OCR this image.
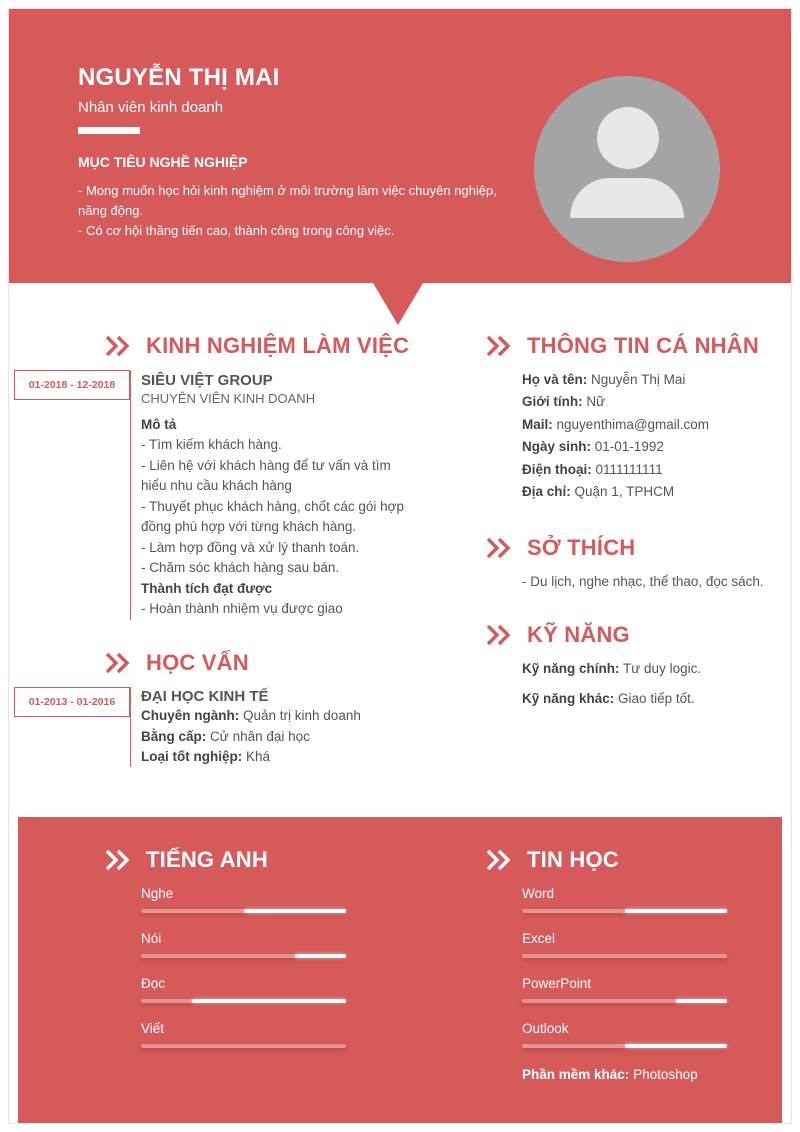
NGUYỄN THỊ MAI
Nhân viên kinh doanh
MỤC TIÊU NGHỀ NGHIỆP
- Mong muốn học hỏi kinh nghiệm ở môi trường làm việc chuyên nghiệp,
năng động.
- Có cơ hội thăng tiến cao, thành công trong công việc.
KINH NGHIỆM LÀM VIỆC
01-2018 - 12-2018	SIÊU VIỆT GROUP
CHUYÊN VIÊN KINH DOANH
Mô tả
- Tìm kiếm khách hàng.
- Liên hệ với khách hàng để tư vấn và tìm
hiểu nhu cầu khách hàng
- Thuyết phục khách hàng, chốt các gói hợp
đồng phù hợp với từng khách hàng.
- Làm hợp đồng và xử lý thanh toán.
- Chăm sóc khách hàng sau bán.
Thành tích đạt được
- Hoàn thành nhiệm vụ được giao
HỌC VẤN
01-2013 - 01-2016	ĐẠI HỌC KINH TẾ
Chuyên ngành: Quản trị kinh doanh
Bằng cấp: Cử nhân đại học
Loại tốt nghiệp: Khá
THÔNG TIN CÁ NHÂN
Họ và tên: Nguyễn Thị Mai
Giới tính: Nữ
Mail: nguyenthima@gmail.com
Ngày sinh: 01-01-1992
Điện thoại: 0111111111
Địa chỉ: Quận 1, TPHCM
SỞ THÍCH
- Du lịch, nghe nhạc, thể thao, đọc sách.
KỸ NĂNG
Kỹ năng chính: Tư duy logic.
Kỹ năng khác: Giao tiếp tốt.
TIẾNG ANH	TIN HỌC
Nghe
Nói
Đọc
Viết
Word
Excel
PowerPoint
Outlook
Phần mềm khác: Photoshop
